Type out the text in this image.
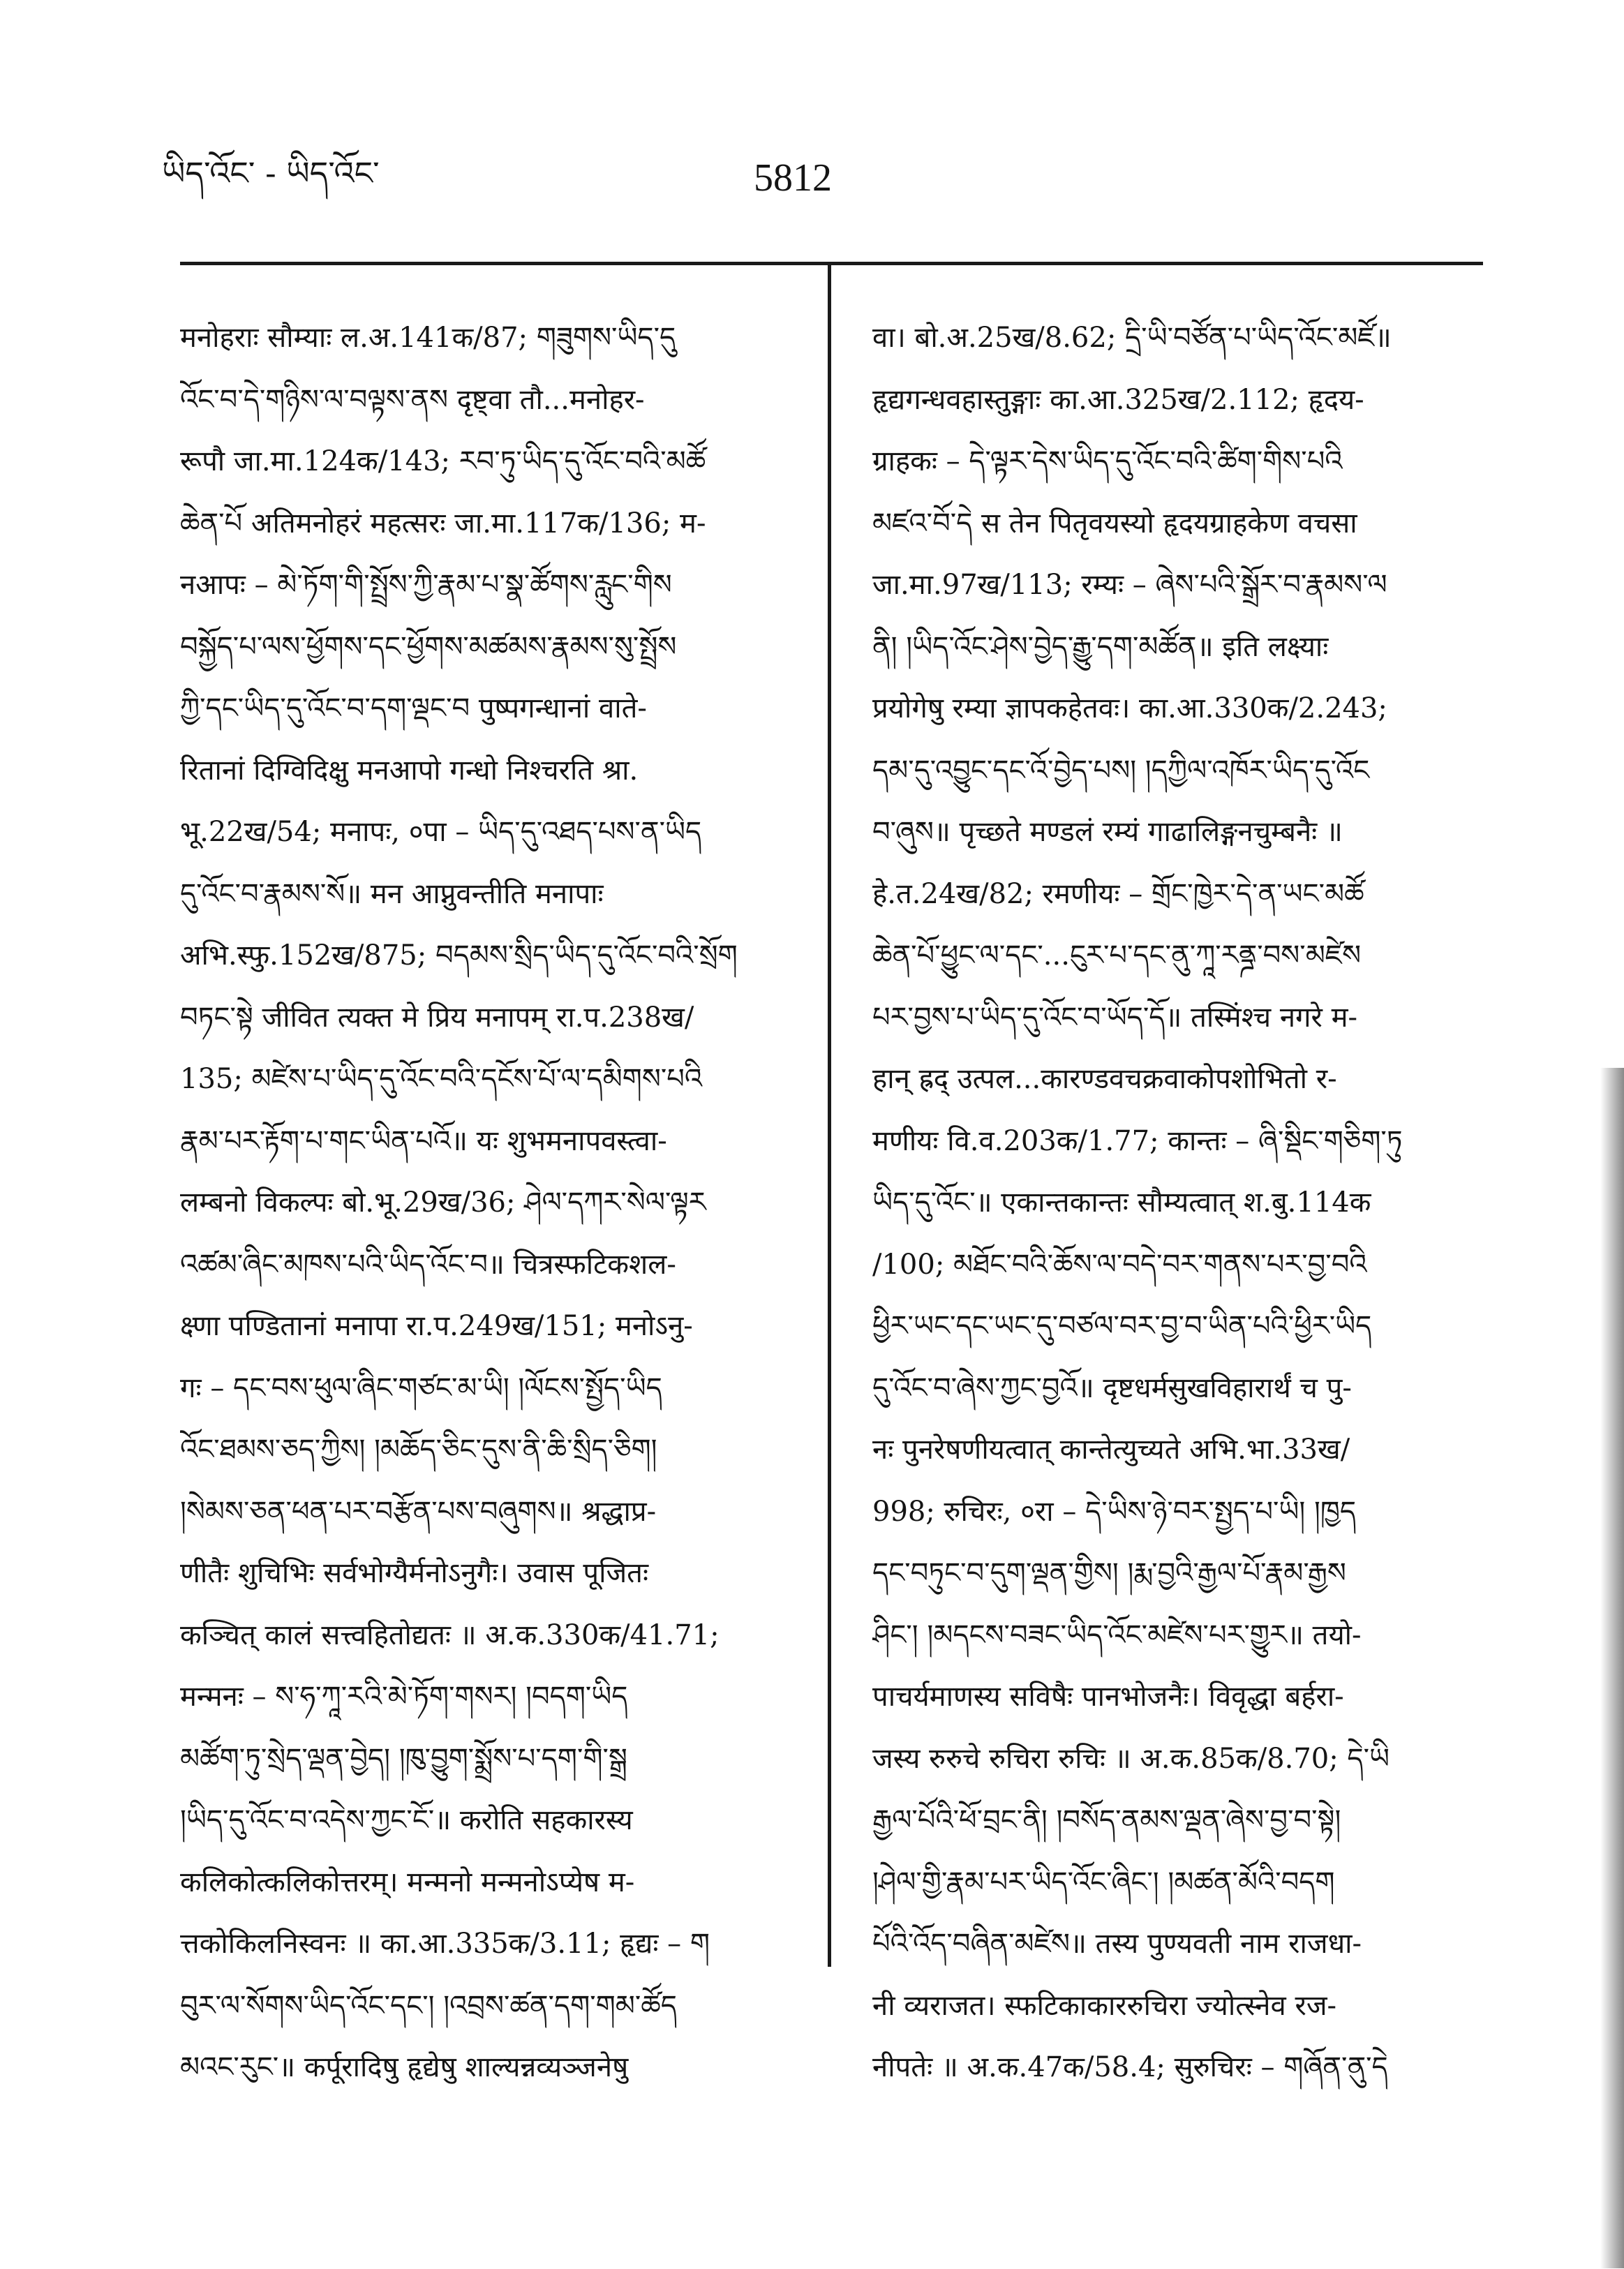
ཡིད་འོང་ - ཡིད་འོང་	5812
मनोहराः सौम्याः ल.अ.141क/87; གཟུགས་ཡིད་དུ
འོང་བ་དེ་གཉིས་ལ་བལྟས་ནས दृष्ट्वा तौ...मनोहर-
रूपौ जा.मा.124क/143; རབ་ཏུ་ཡིད་དུ་འོང་བའི་མཚོ
ཆེན་པོ अतिमनोहरं महत्सरः जा.मा.117क/136; म-
नआपः – མེ་ཏོག་གི་སྤྲོས་ཀྱི་རྣམ་པ་སྣ་ཚོགས་རླུང་གིས
བསྐྱོད་པ་ལས་ཕྱོགས་དང་ཕྱོགས་མཚམས་རྣམས་སུ་སྤྲོས
ཀྱི་དང་ཡིད་དུ་འོང་བ་དག་ལྡང་བ पुष्पगन्धानां वाते-
रितानां दिग्विदिक्षु मनआपो गन्धो निश्चरति श्रा.
भू.22ख/54; मनापः, ०पा – ཡིད་དུ་འཐད་པས་ན་ཡིད
དུ་འོང་བ་རྣམས་སོ॥ मन आप्नुवन्तीति मनापाः
अभि.स्फु.152ख/875; བདམས་སྲིད་ཡིད་དུ་འོང་བའི་སྲོག
བཏང་སྟེ जीवित त्यक्त मे प्रिय मनापम् रा.प.238ख/
135; མཛེས་པ་ཡིད་དུ་འོང་བའི་དངོས་པོ་ལ་དམིགས་པའི
རྣམ་པར་རྟོག་པ་གང་ཡིན་པའོ॥ यः शुभमनापवस्त्वा-
लम्बनो विकल्पः बो.भू.29ख/36; ཤེལ་དཀར་སེལ་ལྟར
འཚམ་ཞིང་མཁས་པའི་ཡིད་འོང་བ॥ चित्रस्फटिकशल-
क्ष्णा पण्डितानां मनापा रा.प.249ख/151; मनोऽनु-
गः – དང་བས་ཕུལ་ཞིང་གཙང་མ་ཡི། །ལོངས་སྤྱོད་ཡིད
འོང་ཐམས་ཅད་ཀྱིས། །མཆོད་ཅིང་དུས་ནི་ཆི་སྲིད་ཅིག།
།སེམས་ཅན་ཕན་པར་བརྩོན་པས་བཞུགས॥ श्रद्धाप्र-
णीतैः शुचिभिः सर्वभोग्यैर्मनोऽनुगैः। उवास पूजितः
कञ्चित् कालं सत्त्वहितोद्यतः ॥ अ.क.330क/41.71;
मन्मनः – ས་ཧ་ཀཱ་རའི་མེ་ཏོག་གསར། །བདག་ཡིད
མཚོག་ཏུ་སྲེད་ལྡན་བྱེད། །ཁུ་བྱུག་སྨྲོས་པ་དག་གི་སྒྲ
།ཡིད་དུ་འོང་བ་འདེས་ཀྱང་ངོ་॥ करोति सहकारस्य
कलिकोत्कलिकोत्तरम्। मन्मनो मन्मनोऽप्येष म-
त्तकोकिलनिस्वनः ॥ का.आ.335क/3.11; हृद्यः – ག
བུར་ལ་སོགས་ཡིད་འོང་དང་། །འབྲས་ཚན་དག་གམ་ཚོད
མའང་རུང་॥ कर्पूरादिषु हृद्येषु शाल्यन्नव्यञ्जनेषु
वा। बो.अ.25ख/8.62; དྲི་ཡི་བཙོན་པ་ཡིད་འོང་མཛོ॥
हृद्यगन्धवहास्तुङ्गाः का.आ.325ख/2.112; हृदय-
ग्राहकः – དེ་ལྟར་དེས་ཡིད་དུ་འོང་བའི་ཚིག་གིས་པའི
མཛའ་བོ་དེ स तेन पितृवयस्यो हृदयग्राहकेण वचसा
जा.मा.97ख/113; रम्यः – ཞེས་པའི་སྒྲོར་བ་རྣམས་ལ
ནི། །ཡིད་འོང་ཤེས་བྱེད་རྒྱུ་དག་མཚོན॥ इति लक्ष्याः
प्रयोगेषु रम्या ज्ञापकहेतवः। का.आ.330क/2.243;
དམ་དུ་འབྱུང་དང་འོ་བྱེད་པས། །དཀྱིལ་འཁོར་ཡིད་དུ་འོང
བ་ཞུས॥ पृच्छते मण्डलं रम्यं गाढालिङ्गनचुम्बनैः ॥
हे.त.24ख/82; रमणीयः – གྲོང་ཁྱེར་དེ་ན་ཡང་མཚོ
ཆེན་པོ་ཕྱུང་ལ་དང་...ངུར་པ་དང་ནུ་ཀཱ་རནྜ་བས་མཛེས
པར་བྱས་པ་ཡིད་དུ་འོང་བ་ཡོད་དོ॥ तस्मिंश्च नगरे म-
हान् ह्रद् उत्पल...कारण्डवचक्रवाकोपशोभितो र-
मणीयः वि.व.203क/1.77; कान्तः – ཞི་སྡིང་གཅིག་ཏུ
ཡིད་དུ་འོང་॥ एकान्तकान्तः सौम्यत्वात् श.बु.114क
/100; མཐོང་བའི་ཆོས་ལ་བདེ་བར་གནས་པར་བྱ་བའི
ཕྱིར་ཡང་དང་ཡང་དུ་བཙལ་བར་བྱ་བ་ཡིན་པའི་ཕྱིར་ཡིད
དུ་འོང་བ་ཞེས་ཀྱང་བྱའོ॥ दृष्टधर्मसुखविहारार्थं च पु-
नः पुनरेषणीयत्वात् कान्तेत्युच्यते अभि.भा.33ख/
998; रुचिरः, ०रा – དེ་ཡིས་ཉེ་བར་སྤྱད་པ་ཡི། །ཁྱད
དང་བཏུང་བ་དུག་ལྡན་གྱིས། །རྨ་བྱའི་རྒྱལ་པོ་རྣམ་རྒྱས
ཤིང་། །མདངས་བཟང་ཡིད་འོང་མཛེས་པར་གྱུར॥ तयो-
पाचर्यमाणस्य सविषैः पानभोजनैः। विवृद्धा बर्हरा-
जस्य रुरुचे रुचिरा रुचिः ॥ अ.क.85क/8.70; དེ་ཡི
རྒྱལ་པོའི་ཕོ་བྲང་ནི། །བསོད་ནམས་ལྡན་ཞེས་བྱ་བ་སྟེ།
།ཤེལ་གྱི་རྣམ་པར་ཡིད་འོང་ཞིང་། །མཚན་མོའི་བདག
པོའི་འོད་བཞིན་མཛེས॥ तस्य पुण्यवती नाम राजधा-
नी व्यराजत। स्फटिकाकाररुचिरा ज्योत्स्नेव रज-
नीपतेः ॥ अ.क.47क/58.4; सुरुचिरः – གཞོན་ནུ་དེ
